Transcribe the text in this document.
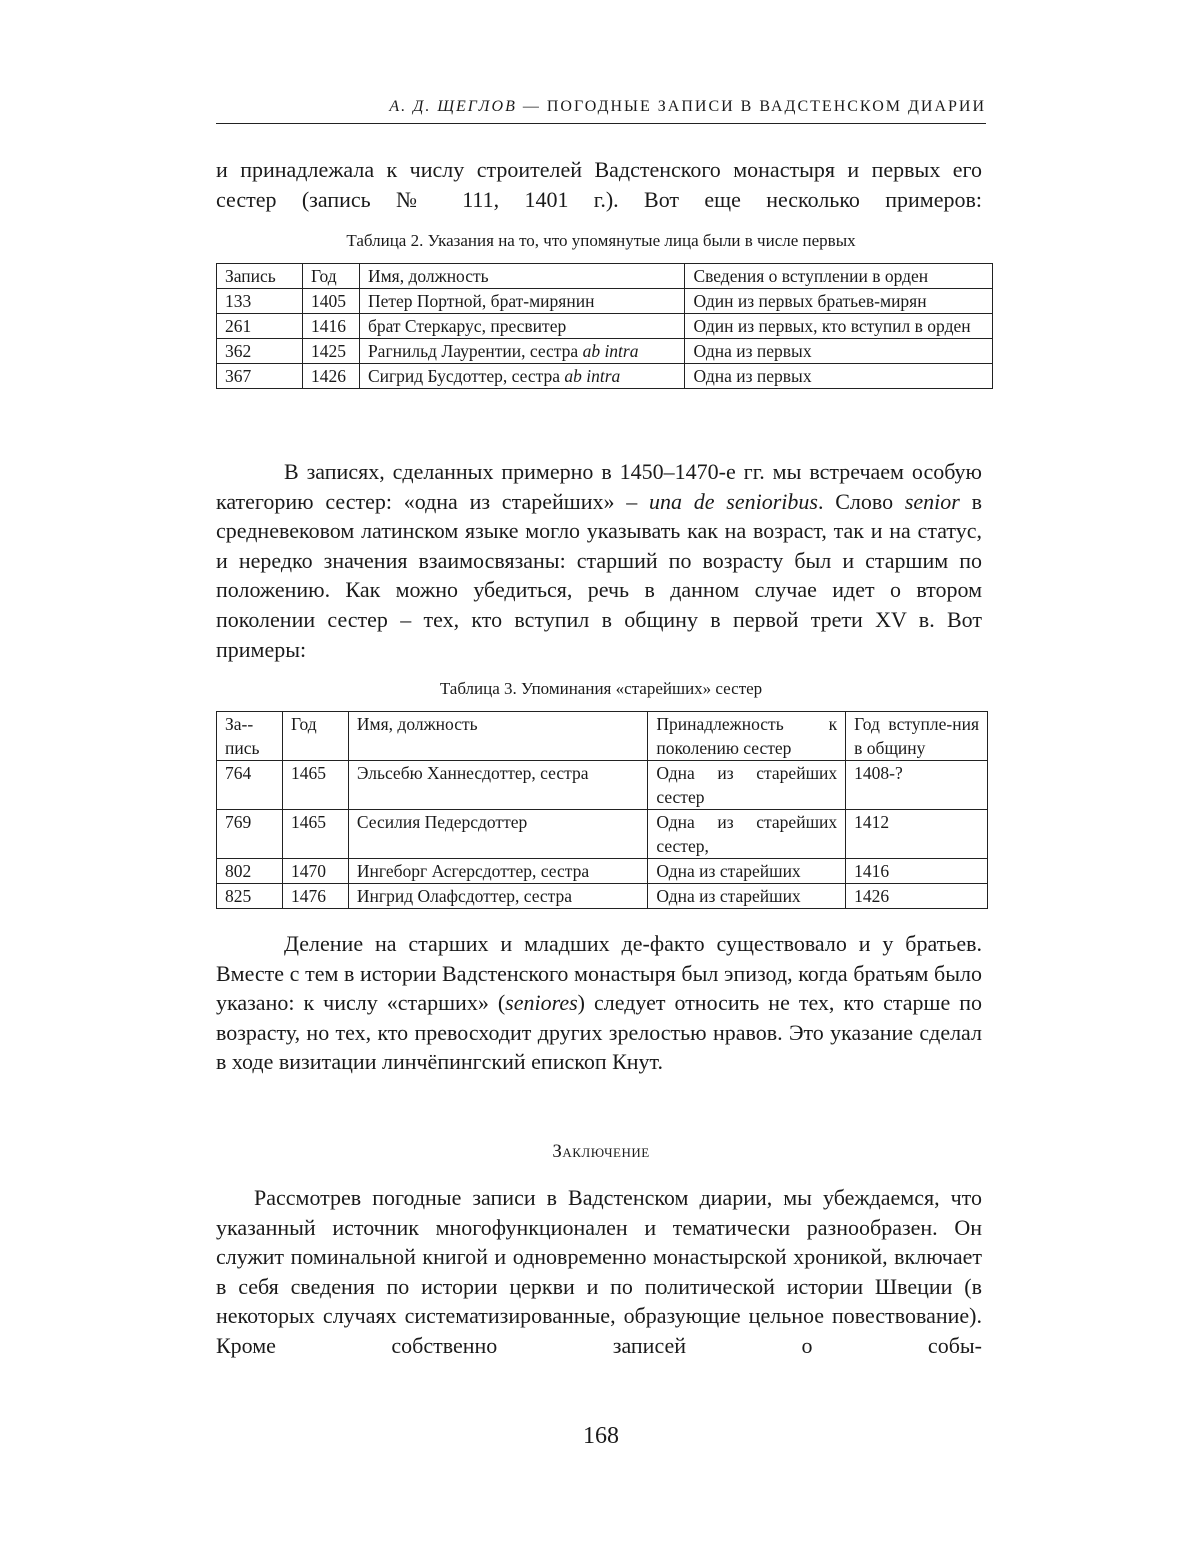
А. Д. ЩЕГЛОВ — ПОГОДНЫЕ ЗАПИСИ В ВАДСТЕНСКОМ ДИАРИИ

и принадлежала к числу строителей Вадстенского монастыря и первых его сестер (запись № 111, 1401 г.). Вот еще несколько примеров:

Таблица 2. Указания на то, что упомянутые лица были в числе первых
Запись	Год	Имя, должность	Сведения о вступлении в орден
133	1405	Петер Портной, брат-мирянин	Один из первых братьев-мирян
261	1416	брат Стеркарус, пресвитер	Один из первых, кто вступил в орден
362	1425	Рагнильд Лаурентии, сестра ab intra	Одна из первых
367	1426	Сигрид Бусдоттер, сестра ab intra	Одна из первых

В записях, сделанных примерно в 1450–1470-е гг. мы встречаем особую категорию сестер: «одна из старейших» – una de senioribus. Слово senior в средневековом латинском языке могло указывать как на возраст, так и на статус, и нередко значения взаимосвязаны: старший по возрасту был и старшим по положению. Как можно убедиться, речь в данном случае идет о втором поколении сестер – тех, кто вступил в общину в первой трети XV в. Вот примеры:

Таблица 3. Упоминания «старейших» сестер
За-пись	Год	Имя, должность	Принадлежность к поколению сестер	Год вступле-ния в общину
764	1465	Эльсебю Ханнесдоттер, сестра	Одна из старейших сестер	1408-?
769	1465	Сесилия Педерсдоттер	Одна из старейших сестер,	1412
802	1470	Ингеборг Асгерсдоттер, сестра	Одна из старейших	1416
825	1476	Ингрид Олафсдоттер, сестра	Одна из старейших	1426

Деление на старших и младших де-факто существовало и у братьев. Вместе с тем в истории Вадстенского монастыря был эпизод, когда братьям было указано: к числу «старших» (seniores) следует относить не тех, кто старше по возрасту, но тех, кто превосходит других зрелостью нравов. Это указание сделал в ходе визитации линчёпингский епископ Кнут.

Заключение

Рассмотрев погодные записи в Вадстенском диарии, мы убеждаемся, что указанный источник многофункционален и тематически разнообразен. Он служит поминальной книгой и одновременно монастырской хроникой, включает в себя сведения по истории церкви и по политической истории Швеции (в некоторых случаях систематизированные, образующие цельное повествование). Кроме собственно записей о собы-

168
